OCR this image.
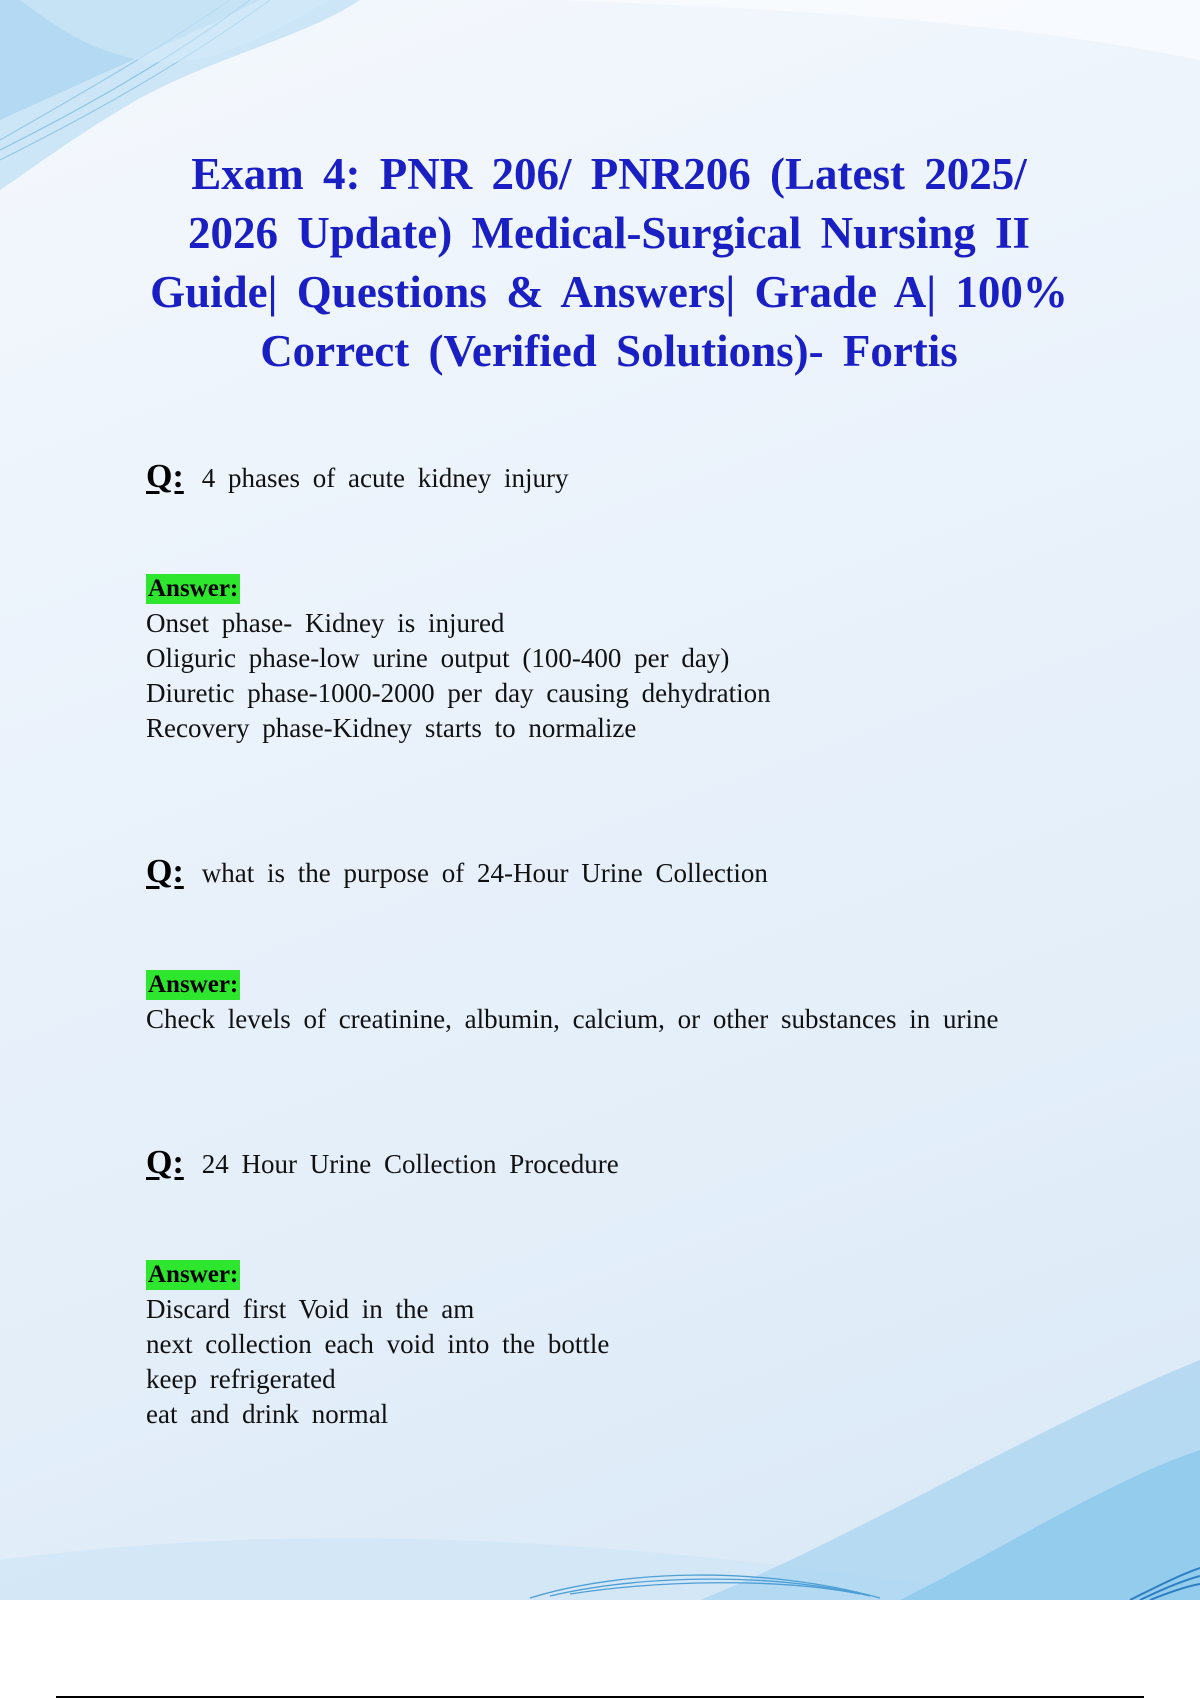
Exam 4: PNR 206/ PNR206 (Latest 2025/ 2026 Update) Medical-Surgical Nursing II Guide| Questions & Answers| Grade A| 100% Correct (Verified Solutions)- Fortis
Q: 4 phases of acute kidney injury
Answer:
Onset phase- Kidney is injured
Oliguric phase-low urine output (100-400 per day)
Diuretic phase-1000-2000 per day causing dehydration
Recovery phase-Kidney starts to normalize
Q: what is the purpose of 24-Hour Urine Collection
Answer:
Check levels of creatinine, albumin, calcium, or other substances in urine
Q: 24 Hour Urine Collection Procedure
Answer:
Discard first Void in the am
next collection each void into the bottle
keep refrigerated
eat and drink normal
